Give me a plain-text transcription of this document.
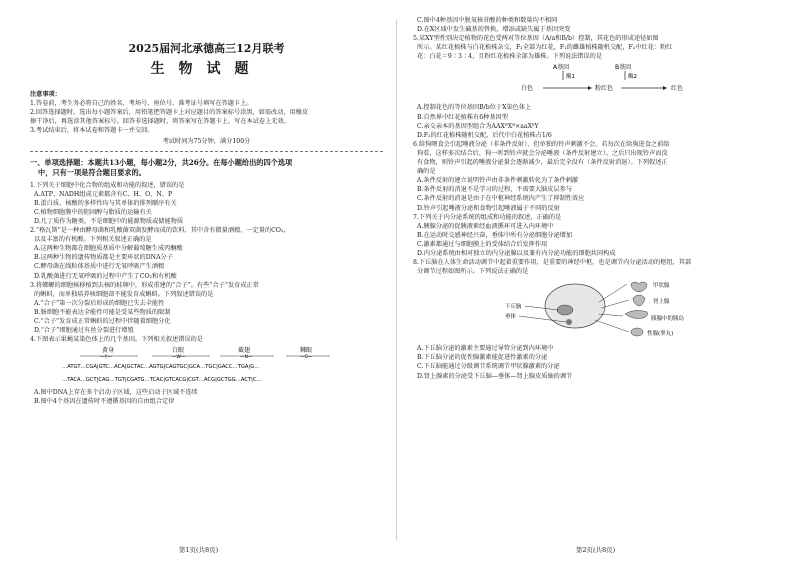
2025届河北承德高三12月联考
生物试题
注意事项：
1.答卷前，考生务必将自己的姓名、考场号、座位号、准考证号填写在答题卡上。
2.回答选择题时，选出每小题答案后，用铅笔把答题卡上对应题目的答案标号涂黑，如需改动，用橡皮
擦干净后，再选涂其他答案标号。回答非选择题时，将答案写在答题卡上，写在本试卷上无效。
3.考试结束后，将本试卷和答题卡一并交回。
考试时间为75分钟，满分100分
一、单项选择题：本题共13小题，每小题2分，共26分。在每小题给出的四个选项
中，只有一项是符合题目要求的。
1.下列关于细胞中化合物的组成和功能的叙述，错误的是
A.ATP、NADH组成元素都含有C、H、O、N、P
B.蛋白质、核酸的多样性均与其单体的排列顺序有关
C.植物细胞膜中的胆固醇与脂质的运输有关
D.几丁质作为糖类，不是细胞中的能源物质或储能物质
2.“格瓦斯”是一种由酵母菌和乳酸菌双菌发酵而成的饮料，其中含有微量酒精、一定量的CO₂，
以及丰富的有机酸。下列相关叙述正确的是
A.这两种生物都在细胞质基质中分解葡萄糖生成丙酮酸
B.这两种生物的遗传物质都是主要环状的DNA分子
C.酵母菌在线粒体基质中进行无氧呼吸产生酒精
D.乳酸菌进行无氧呼吸的过程中产生了CO₂和有机酸
3.将蝾螈的细胞核移植到去核的蛙卵中，形成重建的“合子”。有些“合子”发育成正常
的蝌蚪，而单独培养核细胞却不能发育成蝌蚪。下列叙述错误的是
A.“合子”第一次分裂后形成的细胞已失去全能性
B.肠细胞不能表达全能性可能是受某些物质的限制
C.“合子”发育成正常蝌蚪的过程中伴随着细胞分化
D.“合子”细胞通过有丝分裂进行增殖
4.下图表示果蝇某染色体上的几个基因。下列相关叙述错误的是
黄身	白眼	截翅	棘眼
—Y—	—W—	—N—	—G—
…ATGT…CGA|GTC…ACA|GCTAC…AGTG|CAGTGC|GCA…TGC|GACC…TGA|G…
…TACA…GCT|CAG…TGT|CGATG…TCAC|GTCACG|CGT…ACG|GCTGG…ACT|C…
A.图中DNA上存在多个启动子区域，这些启动子区域不连续
B.图中4个基因在遗传时不遵循基因的自由组合定律
第1页(共8页)
C.图中4种基因中脱氧核苷酸的种类和数量均不相同
D.在X区域中发生碱基的替换，增添或缺失属于基因突变
5.某XY型性别决定植物的花色受两对等位基因（A/a和B/b）控制，其花色的形成途径如图
所示。某红花植株与白花植株杂交，F₁全部为红花，F₁的雌雄植株随机交配，F₂中红花：粉红
花：白花＝9∶3∶4，且粉红花植株全部为雄株。下列说法错误的是
A基因	B基因
酶1	酶2
白色	粉红色	红色
A.控制花色的等位基因B/b位于X染色体上
B.自然界中红花植株有6种基因型
C.亲交亲本的基因型组合为AAXᴮXᴮ×aaXᵇY
D.F₂的红花植株随机交配，后代中白花植株占1/6
6.给狗喂食会引起唾液分泌（非条件反射），但单独的铃声刺激不会。若每次在给狗进食之前给
狗看，这样多次结合后，狗一听到铃声就会分泌唾液（条件反射建立）。之后只出现铃声而没
有食物，则铃声引起的唾液分泌量会逐渐减少，最后完全没有（条件反射消退）。下列叙述正
确的是
A.条件反射的建立说明铃声由非条件刺激转化为了条件刺激
B.条件反射的消退不是学习的过程，不需要大脑皮层参与
C.条件反射的消退是由于在中枢神经系统内产生了抑制性效应
D.铃声引起唾液分泌和食物引起唾液属于不同的反射
7.下列关于内分泌系统的组成和功能的叙述，正确的是
A.胰腺分泌的促胰液素经血液循环可进入内环境中
B.在运动时交感神经兴奋，垂体中所有分泌细胞分泌增加
C.激素都通过与细胞膜上的受体结合后发挥作用
D.内分泌系统由相对独立的内分泌腺以及兼有内分泌功能的细胞共同构成
8.下丘脑在人体生命活动调节中起着重要作用，是重要的神经中枢，也是调节内分泌活动的枢纽，其部
分调节过程如图所示。下列说法正确的是
下丘脑
垂体
甲状腺
肾上腺
胰腺中的胰岛
性腺(睾丸)
A.下丘脑分泌的激素主要通过导管分泌到内环境中
B.下丘脑分泌的促性腺激素能促进性激素的分泌
C.下丘脑能通过分级调节系统调节甲状腺激素的分泌
D.肾上腺素的分泌受下丘脑—垂体—肾上腺皮质轴的调节
第2页(共8页)
